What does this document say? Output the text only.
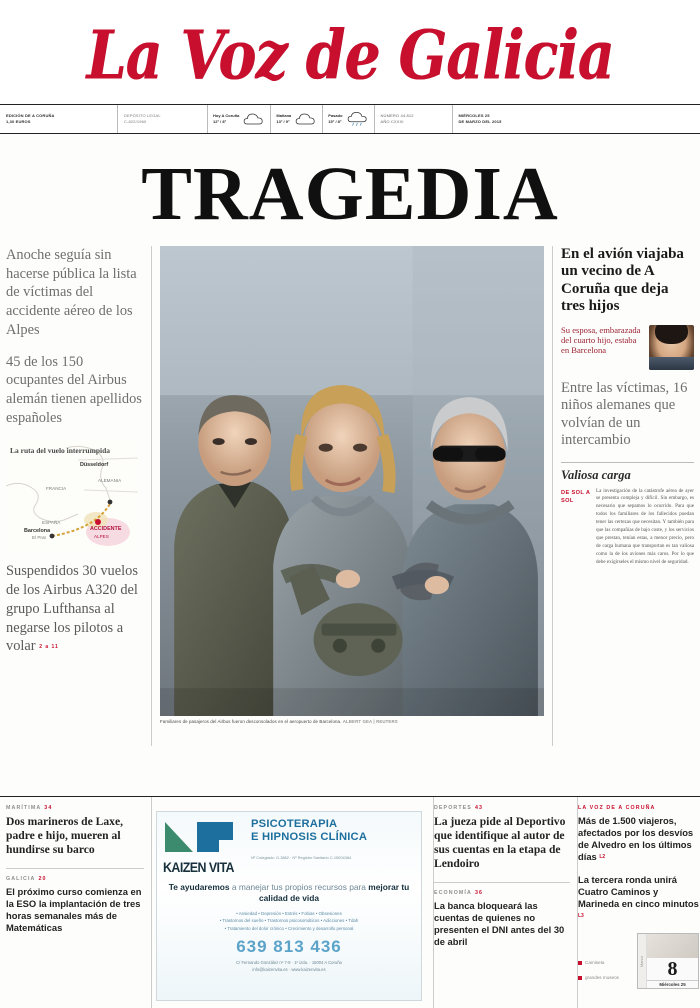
La Voz de Galicia
EDICIÓN DE A CORUÑA
1,30 EUROS
DEPÓSITO LEGAL
C-822/1960
Hoy A Coruña
12° / 8°
Mañana
13° / 9°
Pasado
15° / 8°
NÚMERO 44.812
AÑO CXXXI
MIÉRCOLES 25
DE MARZO DEL 2015
TRAGEDIA
Anoche seguía sin hacerse pública la lista de víctimas del accidente aéreo de los Alpes
45 de los 150 ocupantes del Airbus alemán tienen apellidos españoles
La ruta del vuelo interrumpida
Düsseldorf
FRANCIA
ALEMANIA
ESPAÑA
Barcelona
El Prat
ACCIDENTE
ALPES
Suspendidos 30 vuelos de los Airbus A320 del grupo Lufthansa al negarse los pilotos a volar 2 a 11
Familiares de pasajeros del Airbus fueron desconsolados en el aeropuerto de Barcelona. ALBERT GEA | REUTERS
En el avión viajaba un vecino de A Coruña que deja tres hijos
Su esposa, embarazada del cuarto hijo, estaba en Barcelona
Entre las víctimas, 16 niños alemanes que volvían de un intercambio
Valiosa carga
DE SOL A SOL
La investigación de la catástrofe aérea de ayer se presenta compleja y difícil. Sin embargo, es necesario que sepamos lo ocurrido. Para que todos los familiares de los fallecidos puedan tener las certezas que necesitan. Y también para que las compañías de bajo coste, y los servicios que prestan, tenían estas, a menor precio, pero de carga humana que transportan es tan valiosa como la de los aviones más caros. Por lo que debe exigírseles el mismo nivel de seguridad.
MARÍTIMA 34
Dos marineros de Laxe, padre e hijo, mueren al hundirse su barco
GALICIA 20
El próximo curso comienza en la ESO la implantación de tres horas semanales más de Matemáticas
KAIZEN VITA
PSICOTERAPIA
E HIPNOSIS CLÍNICA
Nº Colegiado: G-3862 · Nº Registro Sanitario C-15004384
Te ayudaremos a manejar tus propios recursos para mejorar tu calidad de vida
• Ansiedad • Depresión • Estrés • Fobias • Obsesiones
• Trastornos del sueño • Trastornos psicosomáticos • Adicciones • Tdah
• Tratamiento del dolor crónico • Crecimiento y desarrollo personal
639 813 436
C/ Fernando González nº 7-9 · 1º izda. · 15004 A Coruña
info@kaizenvita.es · www.kaizenvita.es
DEPORTES 43
La jueza pide al Deportivo que identifique al autor de sus cuentas en la etapa de Lendoiro
ECONOMÍA 36
La banca bloqueará las cuentas de quienes no presenten el DNI antes del 30 de abril
LA VOZ DE A CORUÑA
Más de 1.500 viajeros, afectados por los desvíos de Alvedro en los últimos días $^{L2}$
La tercera ronda unirá Cuatro Caminos y Marineda en cinco minutos $^{L3}$
Camiseta
grandes museos
Marzo	8
Miércoles 25
